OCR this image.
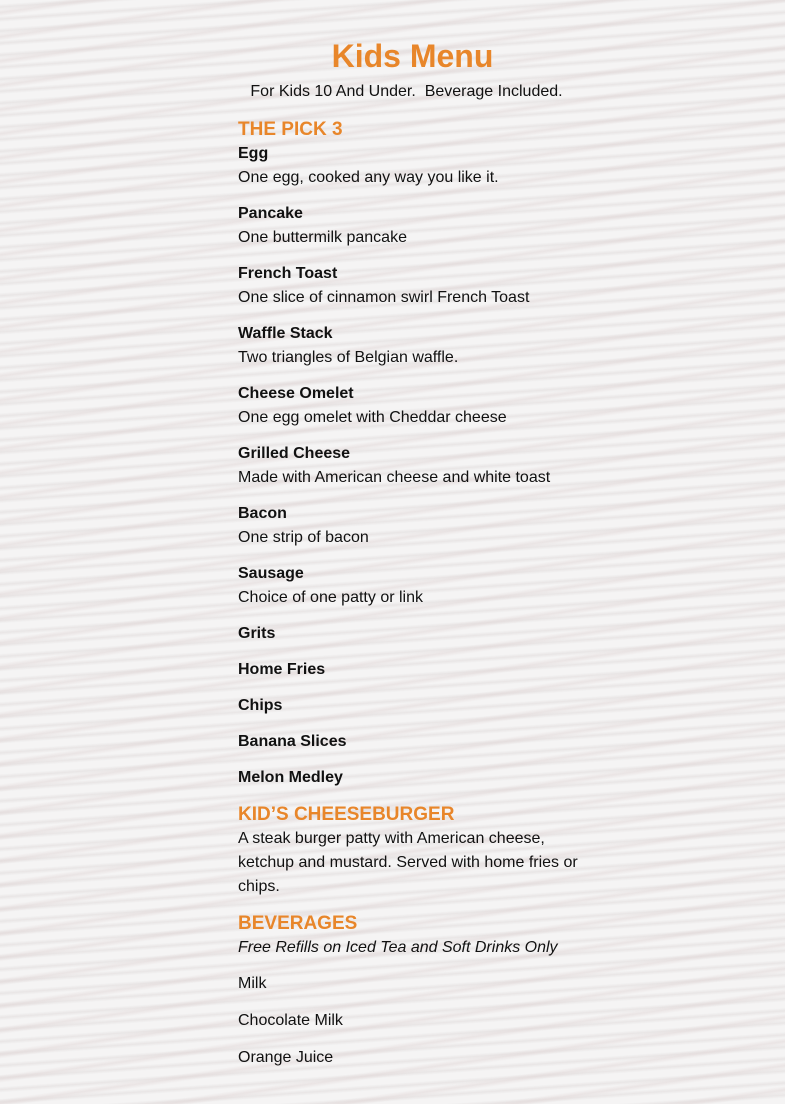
Kids Menu
For Kids 10 And Under.  Beverage Included.
THE PICK 3
Egg
One egg, cooked any way you like it.
Pancake
One buttermilk pancake
French Toast
One slice of cinnamon swirl French Toast
Waffle Stack
Two triangles of Belgian waffle.
Cheese Omelet
One egg omelet with Cheddar cheese
Grilled Cheese
Made with American cheese and white toast
Bacon
One strip of bacon
Sausage
Choice of one patty or link
Grits
Home Fries
Chips
Banana Slices
Melon Medley
KID’S CHEESEBURGER
A steak burger patty with American cheese,
ketchup and mustard. Served with home fries or
chips.
BEVERAGES
Free Refills on Iced Tea and Soft Drinks Only
Milk
Chocolate Milk
Orange Juice
